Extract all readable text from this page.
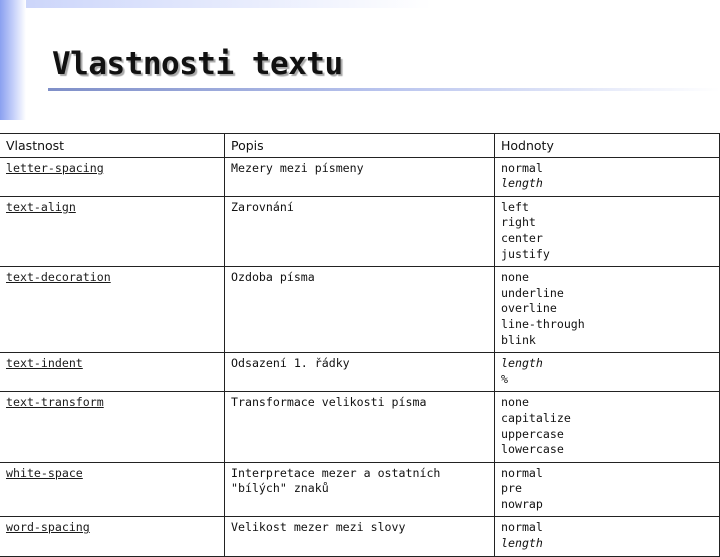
Vlastnosti textu
Vlastnost	Popis	Hodnoty
letter-spacing	Mezery mezi písmeny	normal
length

text-align	Zarovnání	left
right
center
justify

text-decoration	Ozdoba písma	none
underline
overline
line-through
blink

text-indent	Odsazení 1. řádky	length
%

text-transform	Transformace velikosti písma	none
capitalize
uppercase
lowercase

white-space	Interpretace mezer a ostatních "bílých" znaků	normal
pre
nowrap

word-spacing	Velikost mezer mezi slovy	normal
length
